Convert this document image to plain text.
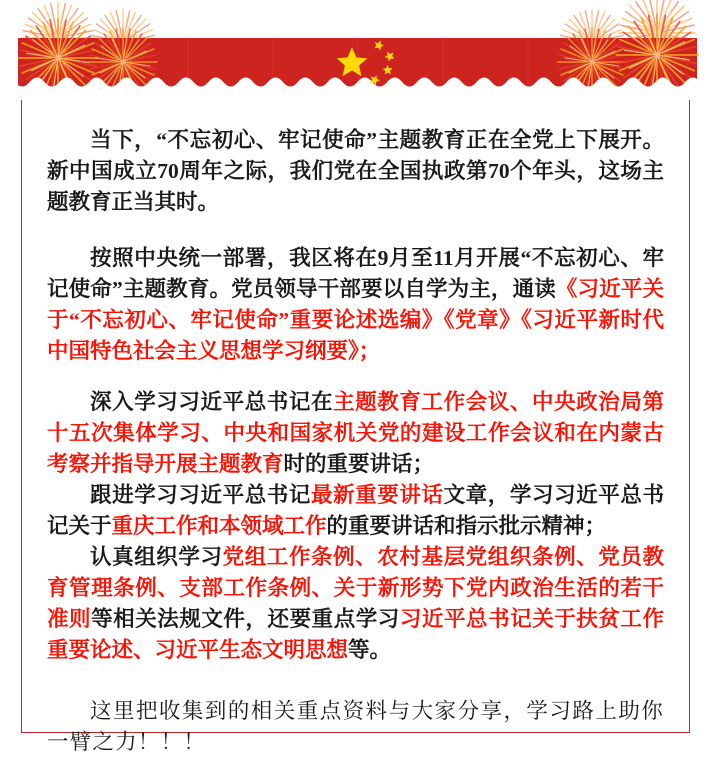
当下，“不忘初心、牢记使命”主题教育正在全党上下展开。新中国成立70周年之际，我们党在全国执政第70个年头，这场主题教育正当其时。

按照中央统一部署，我区将在9月至11月开展“不忘初心、牢记使命”主题教育。党员领导干部要以自学为主，通读《习近平关于“不忘初心、牢记使命”重要论述选编》《党章》《习近平新时代中国特色社会主义思想学习纲要》；

深入学习习近平总书记在主题教育工作会议、中央政治局第十五次集体学习、中央和国家机关党的建设工作会议和在内蒙古考察并指导开展主题教育时的重要讲话；

跟进学习习近平总书记最新重要讲话文章，学习习近平总书记关于重庆工作和本领域工作的重要讲话和指示批示精神；

认真组织学习党组工作条例、农村基层党组织条例、党员教育管理条例、支部工作条例、关于新形势下党内政治生活的若干准则等相关法规文件，还要重点学习习近平总书记关于扶贫工作重要论述、习近平生态文明思想等。

这里把收集到的相关重点资料与大家分享，学习路上助你一臂之力！！！
